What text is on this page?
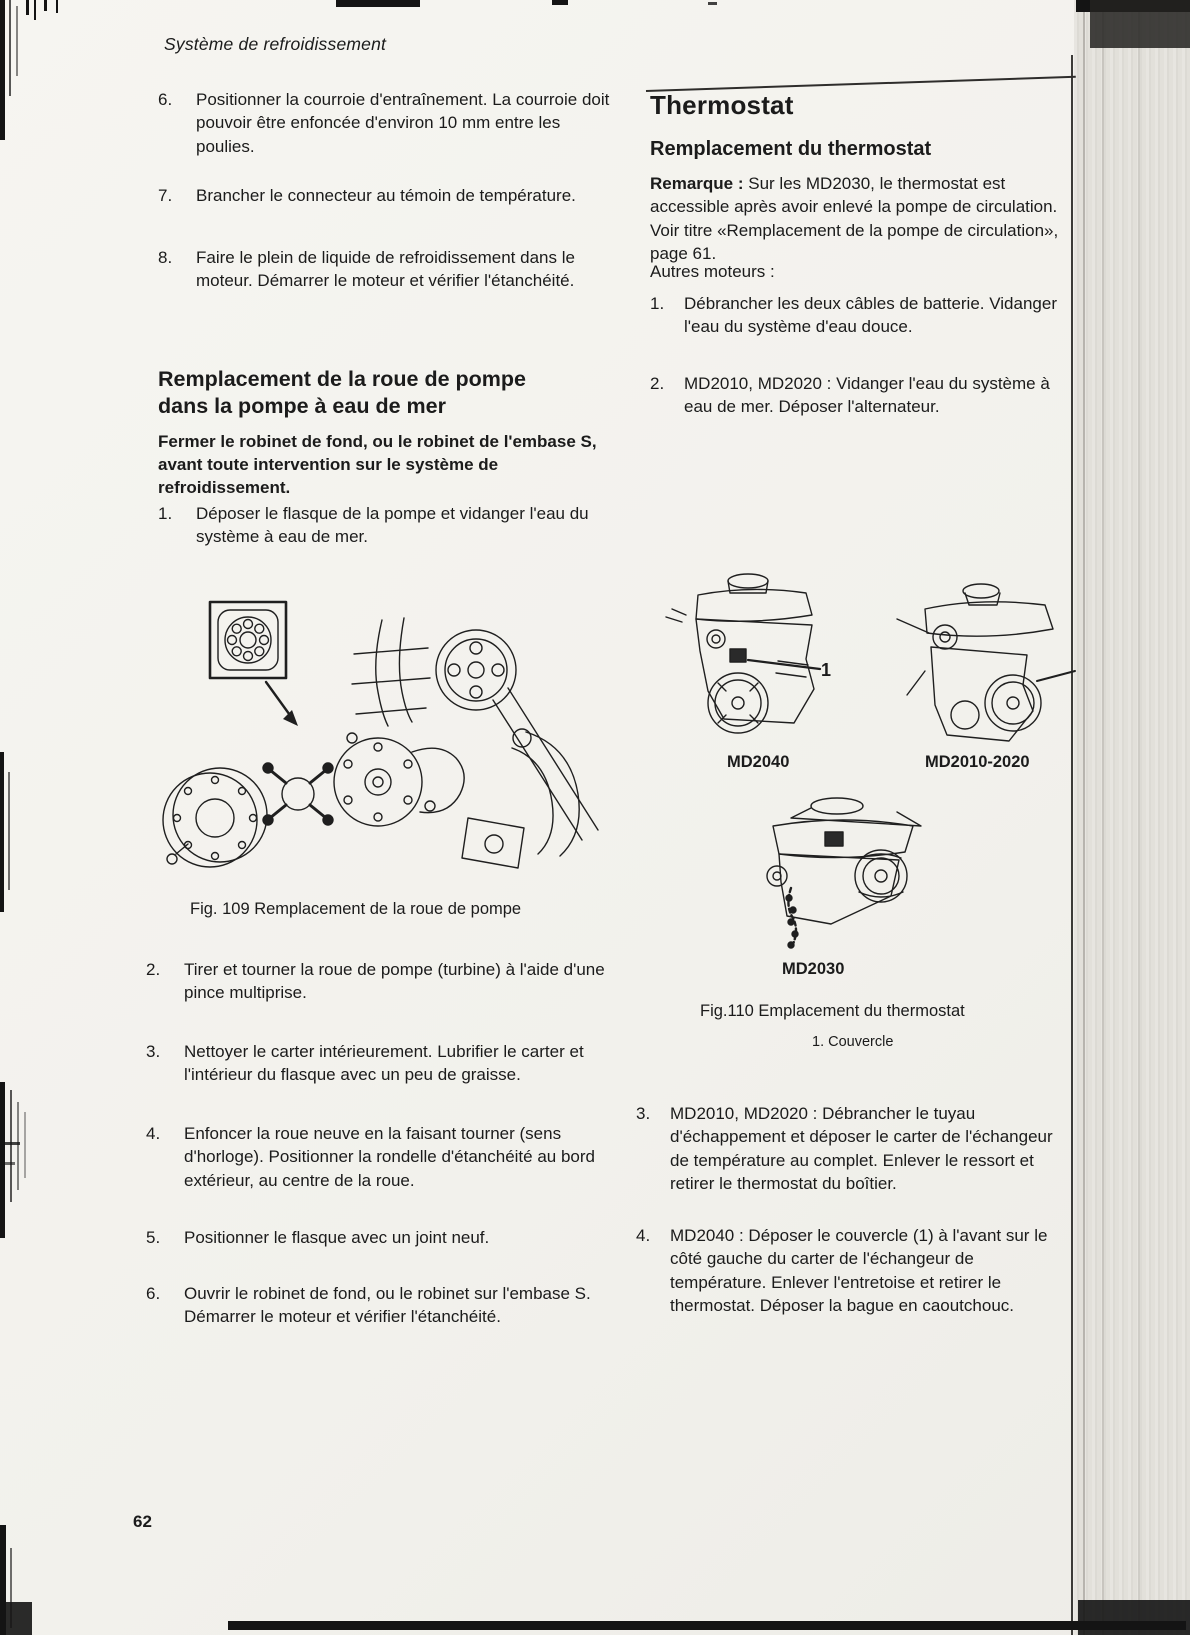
Système de refroidissement
6.	Positionner la courroie d'entraînement. La courroie doit pouvoir être enfoncée d'environ 10 mm entre les poulies.
7.	Brancher le connecteur au témoin de température.
8.	Faire le plein de liquide de refroidissement dans le moteur. Démarrer le moteur et vérifier l'étanchéité.
Remplacement de la roue de pompe
dans la pompe à eau de mer
Fermer le robinet de fond, ou le robinet de l'embase S, avant toute intervention sur le système de refroidissement.
1.	Déposer le flasque de la pompe et vidanger l'eau du système à eau de mer.
Fig. 109 Remplacement de la roue de pompe
2.	Tirer et tourner la roue de pompe (turbine) à l'aide d'une pince multiprise.
3.	Nettoyer le carter intérieurement. Lubrifier le carter et l'intérieur du flasque avec un peu de graisse.
4.	Enfoncer la roue neuve en la faisant tourner (sens d'horloge). Positionner la rondelle d'étanchéité au bord extérieur, au centre de la roue.
5.	Positionner le flasque avec un joint neuf.
6.	Ouvrir le robinet de fond, ou le robinet sur l'embase S. Démarrer le moteur et vérifier l'étanchéité.
Thermostat
Remplacement du thermostat
Remarque : Sur les MD2030, le thermostat est accessible après avoir enlevé la pompe de circulation. Voir titre «Remplacement de la pompe de circulation», page 61.
Autres moteurs :
1.	Débrancher les deux câbles de batterie. Vidanger l'eau du système d'eau douce.
2.	MD2010, MD2020 : Vidanger l'eau du système à eau de mer. Déposer l'alternateur.
1
MD2040	MD2010-2020
MD2030
Fig.110 Emplacement du thermostat
1. Couvercle
3.	MD2010, MD2020 : Débrancher le tuyau d'échappement et déposer le carter de l'échangeur de température au complet. Enlever le ressort et retirer le thermostat du boîtier.
4.	MD2040 : Déposer le couvercle (1) à l'avant sur le côté gauche du carter de l'échangeur de température. Enlever l'entretoise et retirer le thermostat. Déposer la bague en caoutchouc.
62
